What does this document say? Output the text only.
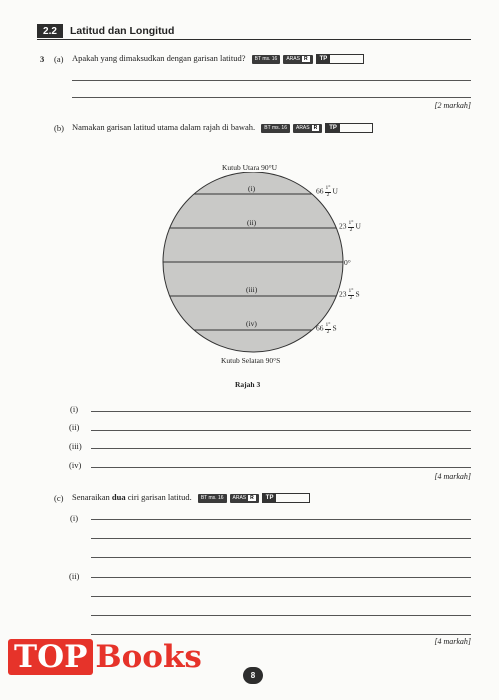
2.2	Latitud dan Longitud
3 (a) Apakah yang dimaksudkan dengan garisan latitud?	BT ms. 16	ARAS R	TP
[2 markah]
(b) Namakan garisan latitud utama dalam rajah di bawah.	BT ms. 16	ARAS R	TP
Kutub Utara 90°U
(i)
(ii)
(iii)
(iv)
$66 \frac{1^\circ}{2}$ U
$23 \frac{1^\circ}{2}$ U
0°
$23 \frac{1^\circ}{2}$ S
$66 \frac{1^\circ}{2}$ S
Kutub Selatan 90°S
Rajah 3
(i)
(ii)
(iii)
(iv)
[4 markah]
(c) Senaraikan dua ciri garisan latitud.	BT ms. 16	ARAS R	TP
(i)
(ii)
[4 markah]
TOP Books
8
